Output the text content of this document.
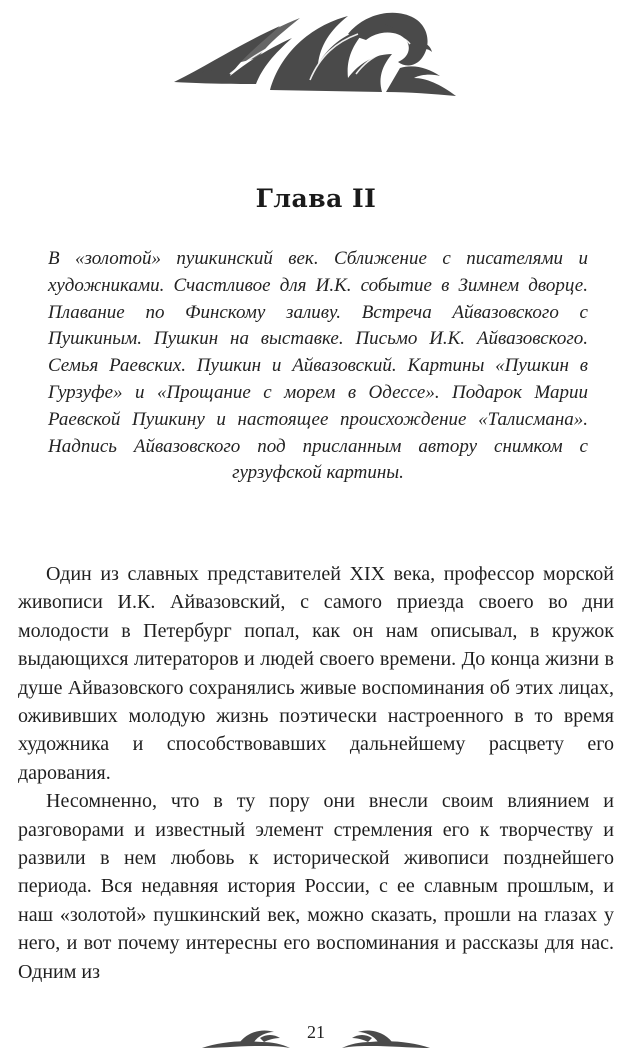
Глава II
В «золотой» пушкинский век. Сближение с писателями и художниками. Счастливое для И.К. событие в Зимнем дворце. Плавание по Финскому заливу. Встреча Айвазовского с Пушкиным. Пушкин на выставке. Письмо И.К. Айвазовского. Семья Раевских. Пушкин и Айвазовский. Картины «Пушкин в Гурзуфе» и «Прощание с морем в Одессе». Подарок Марии Раевской Пушкину и настоящее происхождение «Талисмана». Надпись Айвазовского под присланным автору снимком с гурзуфской картины.

Один из славных представителей XIX века, профессор морской живописи И.К. Айвазовский, с самого приезда своего во дни молодости в Петербург попал, как он нам описывал, в кружок выдающихся литераторов и людей своего времени. До конца жизни в душе Айвазовского сохранялись живые воспоминания об этих лицах, ожививших молодую жизнь поэтически настроенного в то время художника и способствовавших дальнейшему расцвету его дарования.

Несомненно, что в ту пору они внесли своим влиянием и разговорами и известный элемент стремления его к творчеству и развили в нем любовь к исторической живописи позднейшего периода. Вся недавняя история России, с ее славным прошлым, и наш «золотой» пушкинский век, можно сказать, прошли на глазах у него, и вот почему интересны его воспоминания и рассказы для нас. Одним из

21
